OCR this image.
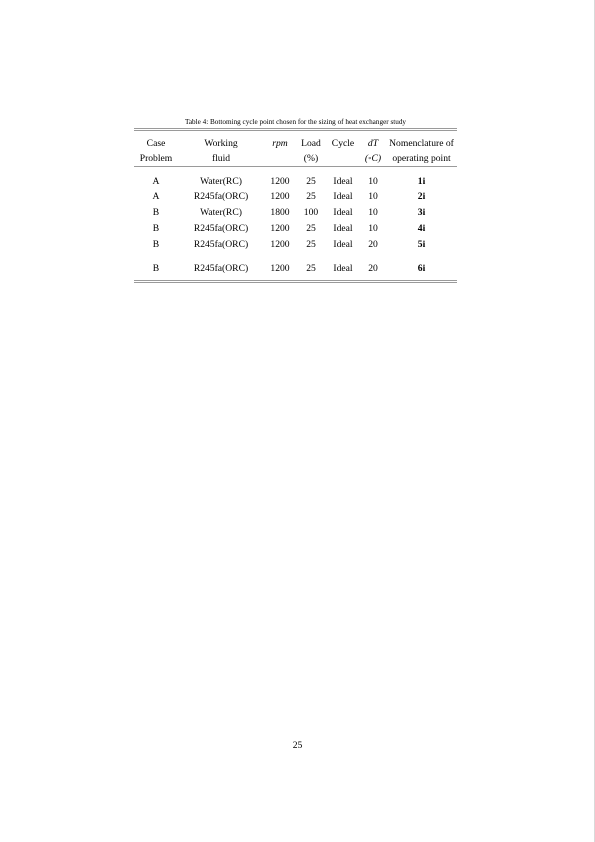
Table 4: Bottoming cycle point chosen for the sizing of heat exchanger study
Case	Working	rpm	Load	Cycle	dT	Nomenclature of
Problem	fluid		(%)		(◦C)	operating point

A	Water(RC)	1200	25	Ideal	10	1i
A	R245fa(ORC)	1200	25	Ideal	10	2i
B	Water(RC)	1800	100	Ideal	10	3i
B	R245fa(ORC)	1200	25	Ideal	10	4i
B	R245fa(ORC)	1200	25	Ideal	20	5i
B	R245fa(ORC)	1200	25	Ideal	20	6i
25
